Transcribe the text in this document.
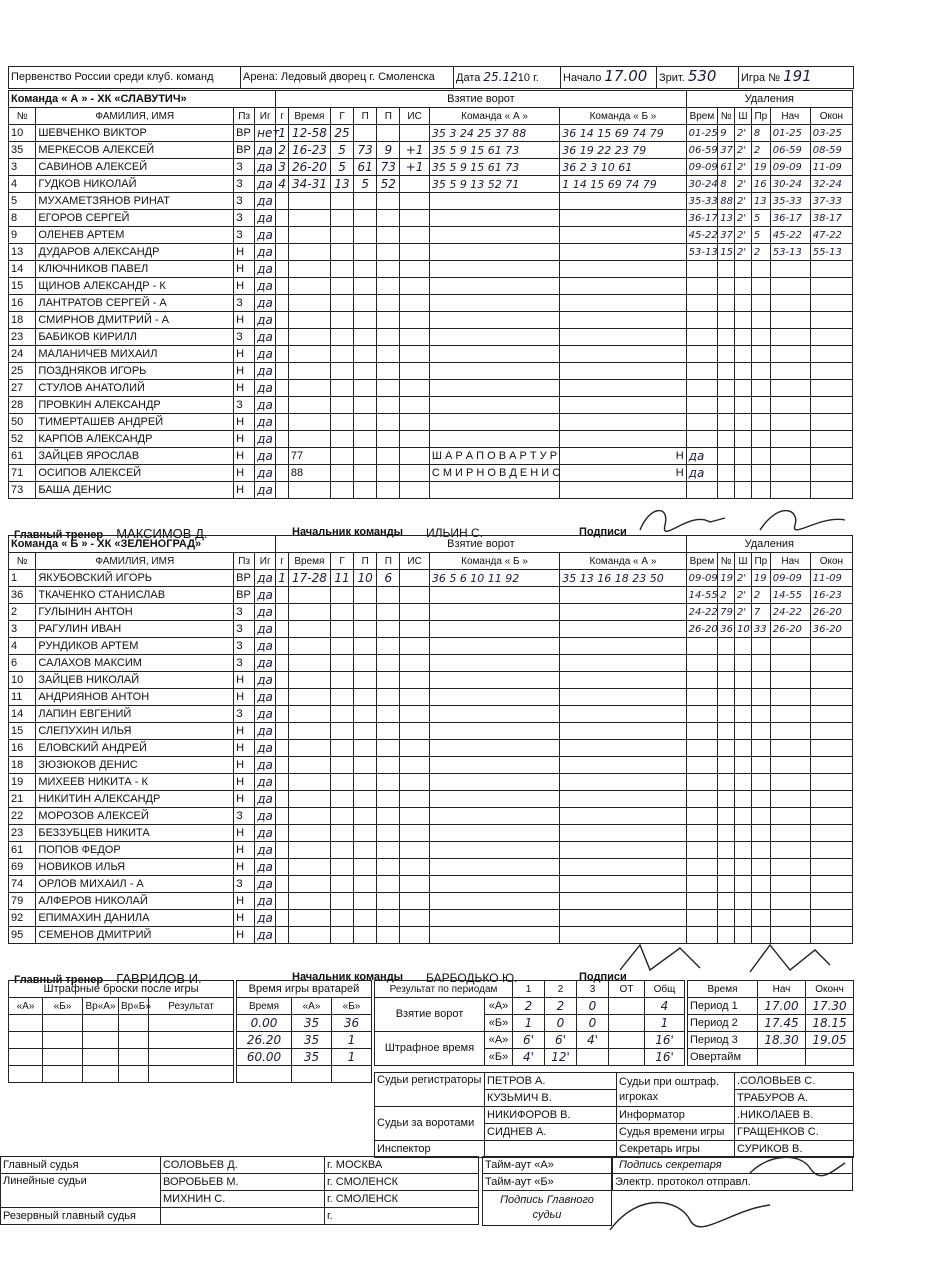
Первенство России среди клуб. команд	Арена: Ледовый дворец г. Смоленска	Дата 25.1210 г.	Начало 17.00	Зрит. 530	Игра № 191
Команда « А » - ХК «СЛАВУТИЧ»				Взятие ворот								Удаления					
№	ФАМИЛИЯ, ИМЯ	Пз	Иг	г	Время	Г	П	П	ИС	Команда « А »	Команда « Б »	Врем	№	Ш	Пр	Нач	Окон
10	ШЕВЧЕНКО ВИКТОР	ВР	нет	1	12-58	25				35 3 24 25 37 88	36 14 15 69 74 79	01-25	9	2'	8	01-25	03-25
35	МЕРКЕСОВ АЛЕКСЕЙ	ВР	да	2	16-23	5	73	9	+1	35 5 9 15 61 73	36 19 22 23 79	06-59	37	2'	2	06-59	08-59
3	САВИНОВ АЛЕКСЕЙ	З	да	3	26-20	5	61	73	+1	35 5 9 15 61 73	36 2 3 10 61	09-09	61	2'	19	09-09	11-09
4	ГУДКОВ НИКОЛАЙ	З	да	4	34-31	13	5	52		35 5 9 13 52 71	1 14 15 69 74 79	30-24	8	2'	16	30-24	32-24
5	МУХАМЕТЗЯНОВ РИНАТ	З	да									35-33	88	2'	13	35-33	37-33
8	ЕГОРОВ СЕРГЕЙ	З	да									36-17	13	2'	5	36-17	38-17
9	ОЛЕНЕВ АРТЕМ	З	да									45-22	37	2'	5	45-22	47-22
13	ДУДАРОВ АЛЕКСАНДР	Н	да									53-13	15	2'	2	53-13	55-13
14	КЛЮЧНИКОВ ПАВЕЛ	Н	да														
15	ЩИНОВ АЛЕКСАНДР - К	Н	да														
16	ЛАНТРАТОВ СЕРГЕЙ - А	З	да														
18	СМИРНОВ ДМИТРИЙ - А	Н	да														
23	БАБИКОВ КИРИЛЛ	З	да														
24	МАЛАНИЧЕВ МИХАИЛ	Н	да														
25	ПОЗДНЯКОВ ИГОРЬ	Н	да														
27	СТУЛОВ АНАТОЛИЙ	Н	да														
28	ПРОВКИН АЛЕКСАНДР	З	да														
50	ТИМЕРТАШЕВ АНДРЕЙ	Н	да														
52	КАРПОВ АЛЕКСАНДР	Н	да														
61	ЗАЙЦЕВ ЯРОСЛАВ	Н	да		77					Ш А Р А П О В А Р Т У Р	Н	да					
71	ОСИПОВ АЛЕКСЕЙ	Н	да		88					С М И Р Н О В Д Е Н И С	Н	да					
73	БАША ДЕНИС	Н	да														
Главный тренер МАКСИМОВ Д.	Начальник команды ИЛЬИН С.	Подписи
Команда « Б » - ХК «ЗЕЛЕНОГРАД»				Взятие ворот								Удаления					
№	ФАМИЛИЯ, ИМЯ	Пз	Иг	г	Время	Г	П	П	ИС	Команда « Б »	Команда « А »	Врем	№	Ш	Пр	Нач	Окон
1	ЯКУБОВСКИЙ ИГОРЬ	ВР	да	1	17-28	11	10	6		36 5 6 10 11 92	35 13 16 18 23 50	09-09	19	2'	19	09-09	11-09
36	ТКАЧЕНКО СТАНИСЛАВ	ВР	да									14-55	2	2'	2	14-55	16-23
2	ГУЛЫНИН АНТОН	З	да									24-22	79	2'	7	24-22	26-20
3	РАГУЛИН ИВАН	З	да									26-20	36	10'	33	26-20	36-20
4	РУНДИКОВ АРТЕМ	З	да														
6	САЛАХОВ МАКСИМ	З	да														
10	ЗАЙЦЕВ НИКОЛАЙ	Н	да														
11	АНДРИЯНОВ АНТОН	Н	да														
14	ЛАПИН ЕВГЕНИЙ	З	да														
15	СЛЕПУХИН ИЛЬЯ	Н	да														
16	ЕЛОВСКИЙ АНДРЕЙ	Н	да														
18	ЗЮЗЮКОВ ДЕНИС	Н	да														
19	МИХЕЕВ НИКИТА - К	Н	да														
21	НИКИТИН АЛЕКСАНДР	Н	да														
22	МОРОЗОВ АЛЕКСЕЙ	З	да														
23	БЕЗЗУБЦЕВ НИКИТА	Н	да														
61	ПОПОВ ФЕДОР	Н	да														
69	НОВИКОВ ИЛЬЯ	Н	да														
74	ОРЛОВ МИХАИЛ - А	З	да														
79	АЛФЕРОВ НИКОЛАЙ	Н	да														
92	ЕПИМАХИН ДАНИЛА	Н	да														
95	СЕМЕНОВ ДМИТРИЙ	Н	да														
Главный тренер ГАВРИЛОВ И.	Начальник команды БАРБОДЬКО Ю.	Подписи
Штрафные броски после игры				
«А»	«Б»	Вр«А»	Вр«Б»	Результат

Время игры вратарей		
Время	«А»	«Б»
0.00	35	36
26.20	35	1
60.00	35	1

Результат по периодам		1	2	3	ОТ	Общ
Взятие ворот	«А»	2	2	0		4
	«Б»	1	0	0		1
Штрафное время	«А»	6'	6'	4'		16'
	«Б»	4'	12'			16'
Время	Нач	Оконч
Период 1	17.00	17.30
Период 2	17.45	18.15
Период 3	18.30	19.05
Овертайм		
Судьи регистраторы	ПЕТРОВ А.	Судьи при оштраф. игроках	.СОЛОВЬЕВ С.
	КУЗЬМИЧ В.		ТРАБУРОВ А.
Судьи за воротами	НИКИФОРОВ В.	Информатор	.НИКОЛАЕВ В.
	СИДНЕВ А.	Судья времени игры	ГРАЩЕНКОВ С.
Инспектор		Секретарь игры	СУРИКОВ В.
Главный судья	СОЛОВЬЕВ Д.	г. МОСКВА
Линейные судьи	ВОРОБЬЕВ М.	г. СМОЛЕНСК
	МИХНИН С.	г. СМОЛЕНСК
Резервный главный судья		г.
Тайм-аут «А»
Тайм-аут «Б»
Подпись Главного судьи
Подпись секретаря
Электр. протокол отправл.
